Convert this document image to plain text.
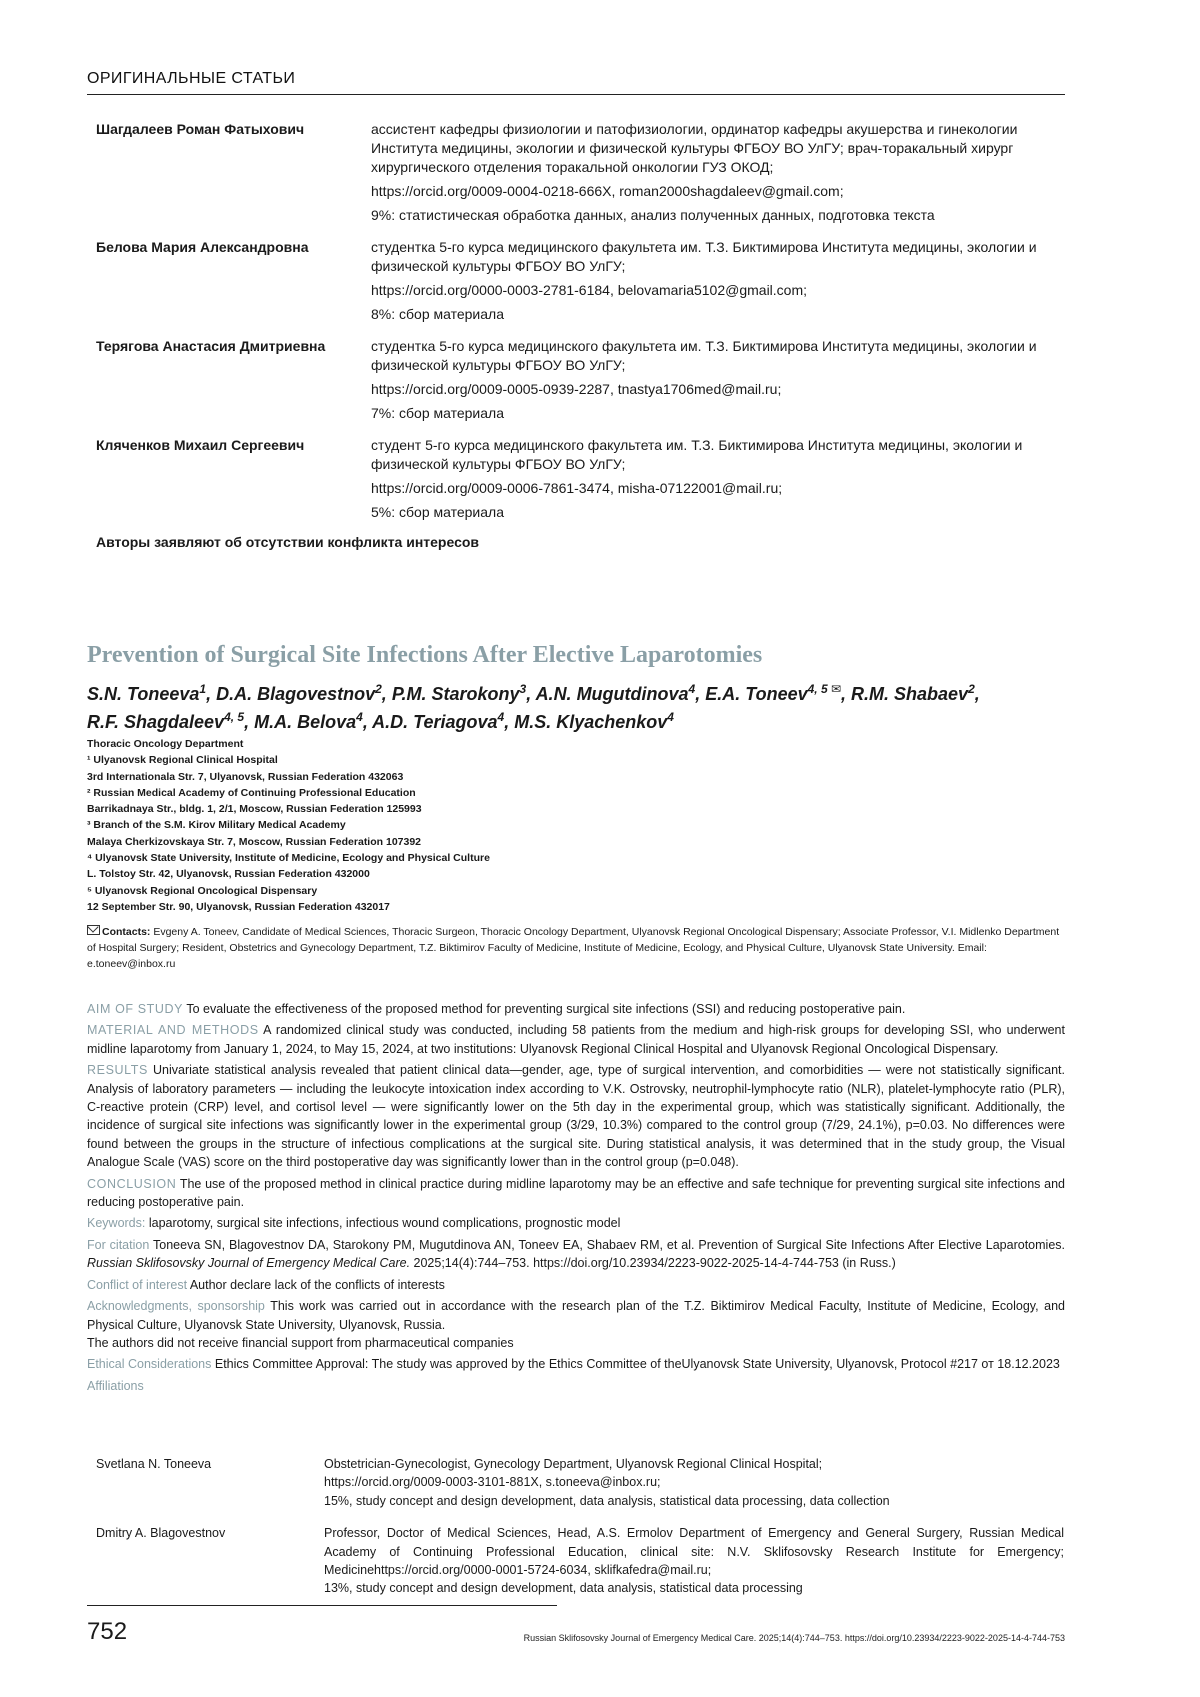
ОРИГИНАЛЬНЫЕ СТАТЬИ
Шагдалеев Роман Фатыхович	ассистент кафедры физиологии и патофизиологии, ординатор кафедры акушерства и гинекологии Института медицины, экологии и физической культуры ФГБОУ ВО УлГУ; врач-торакальный хирург хирургического отделения торакальной онкологии ГУЗ ОКОД;

https://orcid.org/0009-0004-0218-666X, roman2000shagdaleev@gmail.com;

9%: статистическая обработка данных, анализ полученных данных, подготовка текста

Белова Мария Александровна	студентка 5-го курса медицинского факультета им. Т.З. Биктимирова Института медицины, экологии и физической культуры ФГБОУ ВО УлГУ;

https://orcid.org/0000-0003-2781-6184, belovamaria5102@gmail.com;

8%: сбор материала

Терягова Анастасия Дмитриевна	студентка 5-го курса медицинского факультета им. Т.З. Биктимирова Института медицины, экологии и физической культуры ФГБОУ ВО УлГУ;

https://orcid.org/0009-0005-0939-2287, tnastya1706med@mail.ru;

7%: сбор материала

Кляченков Михаил Сергеевич	студент 5-го курса медицинского факультета им. Т.З. Биктимирова Института медицины, экологии и физической культуры ФГБОУ ВО УлГУ;

https://orcid.org/0009-0006-7861-3474, misha-07122001@mail.ru;

5%: сбор материала

Авторы заявляют об отсутствии конфликта интересов
Prevention of Surgical Site Infections After Elective Laparotomies
S.N. Toneeva$^1$, D.A. Blagovestnov$^2$, P.M. Starokony$^3$, A.N. Mugutdinova$^4$, E.A. Toneev$^{4, 5}$ ✉, R.M. Shabaev$^2$,
R.F. Shagdaleev$^{4, 5}$, M.A. Belova$^4$, A.D. Teriagova$^4$, M.S. Klyachenkov$^4$
Thoracic Oncology Department
¹ Ulyanovsk Regional Clinical Hospital
3rd Internationala Str. 7, Ulyanovsk, Russian Federation 432063
² Russian Medical Academy of Continuing Professional Education
Barrikadnaya Str., bldg. 1, 2/1, Moscow, Russian Federation 125993
³ Branch of the S.M. Kirov Military Medical Academy
Malaya Cherkizovskaya Str. 7, Moscow, Russian Federation 107392
⁴ Ulyanovsk State University, Institute of Medicine, Ecology and Physical Culture
L. Tolstoy Str. 42, Ulyanovsk, Russian Federation 432000
⁵ Ulyanovsk Regional Oncological Dispensary
12 September Str. 90, Ulyanovsk, Russian Federation 432017
Contacts: Evgeny A. Toneev, Candidate of Medical Sciences, Thoracic Surgeon, Thoracic Oncology Department, Ulyanovsk Regional Oncological Dispensary; Associate Professor, V.I. Midlenko Department of Hospital Surgery; Resident, Obstetrics and Gynecology Department, T.Z. Biktimirov Faculty of Medicine, Institute of Medicine, Ecology, and Physical Culture, Ulyanovsk State University. Email: e.toneev@inbox.ru

AIM OF STUDY To evaluate the effectiveness of the proposed method for preventing surgical site infections (SSI) and reducing postoperative pain.

MATERIAL AND METHODS A randomized clinical study was conducted, including 58 patients from the medium and high-risk groups for developing SSI, who underwent midline laparotomy from January 1, 2024, to May 15, 2024, at two institutions: Ulyanovsk Regional Clinical Hospital and Ulyanovsk Regional Oncological Dispensary.

RESULTS Univariate statistical analysis revealed that patient clinical data—gender, age, type of surgical intervention, and comorbidities — were not statistically significant. Analysis of laboratory parameters — including the leukocyte intoxication index according to V.K. Ostrovsky, neutrophil-lymphocyte ratio (NLR), platelet-lymphocyte ratio (PLR), C-reactive protein (CRP) level, and cortisol level — were significantly lower on the 5th day in the experimental group, which was statistically significant. Additionally, the incidence of surgical site infections was significantly lower in the experimental group (3/29, 10.3%) compared to the control group (7/29, 24.1%), p=0.03. No differences were found between the groups in the structure of infectious complications at the surgical site. During statistical analysis, it was determined that in the study group, the Visual Analogue Scale (VAS) score on the third postoperative day was significantly lower than in the control group (p=0.048).

CONCLUSION The use of the proposed method in clinical practice during midline laparotomy may be an effective and safe technique for preventing surgical site infections and reducing postoperative pain.

Keywords: laparotomy, surgical site infections, infectious wound complications, prognostic model

For citation Toneeva SN, Blagovestnov DA, Starokony PM, Mugutdinova AN, Toneev EA, Shabaev RM, et al. Prevention of Surgical Site Infections After Elective Laparotomies. Russian Sklifosovsky Journal of Emergency Medical Care. 2025;14(4):744–753. https://doi.org/10.23934/2223-9022-2025-14-4-744-753 (in Russ.)

Conflict of interest Author declare lack of the conflicts of interests

Acknowledgments, sponsorship This work was carried out in accordance with the research plan of the T.Z. Biktimirov Medical Faculty, Institute of Medicine, Ecology, and Physical Culture, Ulyanovsk State University, Ulyanovsk, Russia.

The authors did not receive financial support from pharmaceutical companies

Ethical Considerations Ethics Committee Approval: The study was approved by the Ethics Committee of theUlyanovsk State University, Ulyanovsk, Protocol #217 от 18.12.2023

Affiliations

Svetlana N. Toneeva	Obstetrician-Gynecologist, Gynecology Department, Ulyanovsk Regional Clinical Hospital;
https://orcid.org/0009-0003-3101-881X, s.toneeva@inbox.ru;
15%, study concept and design development, data analysis, statistical data processing, data collection
Dmitry A. Blagovestnov	Professor, Doctor of Medical Sciences, Head, A.S. Ermolov Department of Emergency and General Surgery, Russian Medical Academy of Continuing Professional Education, clinical site: N.V. Sklifosovsky Research Institute for Emergency; Medicinehttps://orcid.org/0000-0001-5724-6034, sklifkafedra@mail.ru;
13%, study concept and design development, data analysis, statistical data processing
752	Russian Sklifosovsky Journal of Emergency Medical Care. 2025;14(4):744–753. https://doi.org/10.23934/2223-9022-2025-14-4-744-753
